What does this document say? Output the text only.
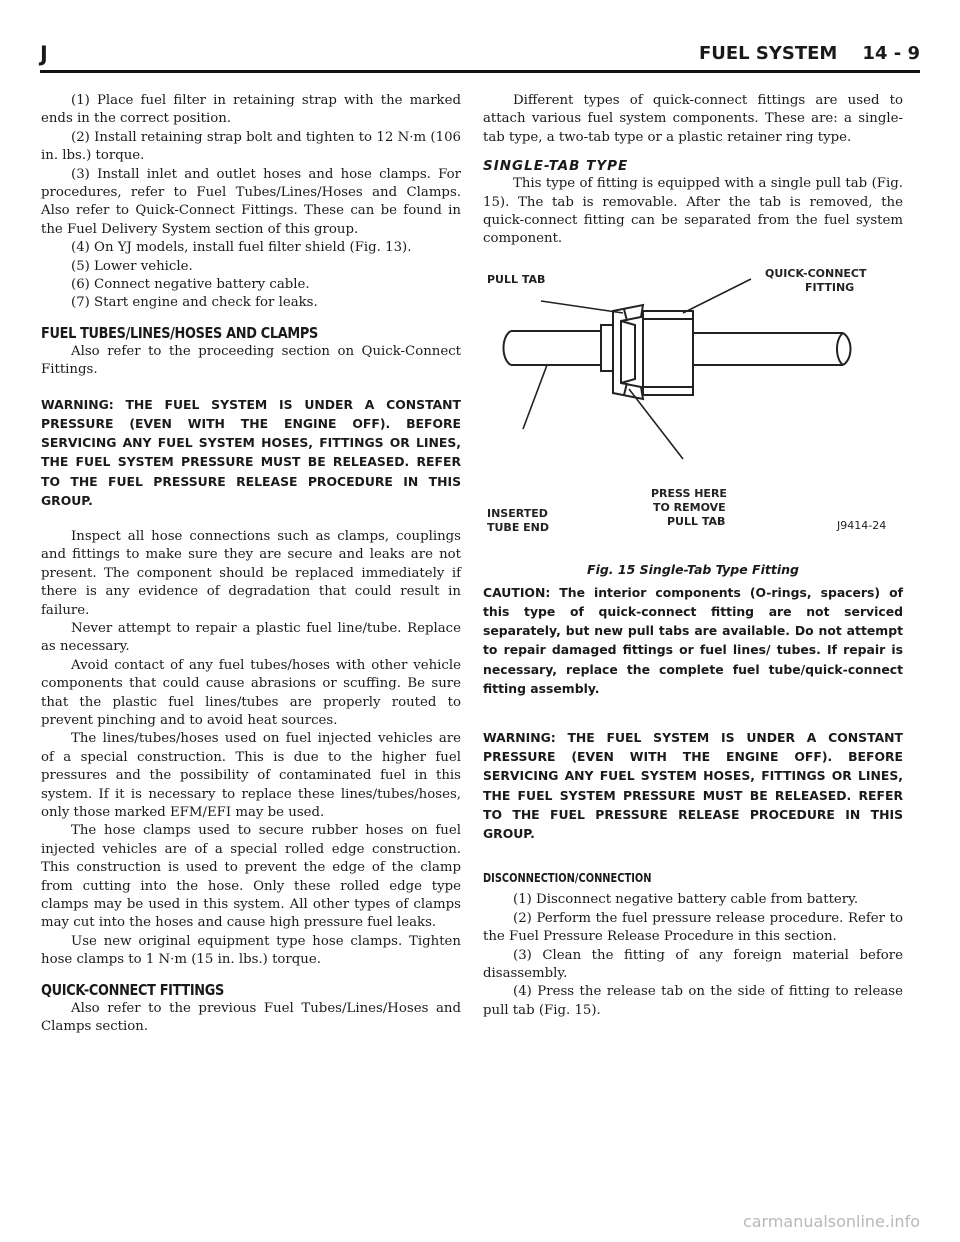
J	FUEL SYSTEM 14 - 9

(1) Place fuel filter in retaining strap with the marked ends in the correct position.

(2) Install retaining strap bolt and tighten to 12 N·m (106 in. lbs.) torque.

(3) Install inlet and outlet hoses and hose clamps. For procedures, refer to Fuel Tubes/Lines/Hoses and Clamps. Also refer to Quick-Connect Fittings. These can be found in the Fuel Delivery System section of this group.

(4) On YJ models, install fuel filter shield (Fig. 13).

(5) Lower vehicle.

(6) Connect negative battery cable.

(7) Start engine and check for leaks.

FUEL TUBES/LINES/HOSES AND CLAMPS

Also refer to the proceeding section on Quick-Connect Fittings.

WARNING: THE FUEL SYSTEM IS UNDER A CONSTANT PRESSURE (EVEN WITH THE ENGINE OFF). BEFORE SERVICING ANY FUEL SYSTEM HOSES, FITTINGS OR LINES, THE FUEL SYSTEM PRESSURE MUST BE RELEASED. REFER TO THE FUEL PRESSURE RELEASE PROCEDURE IN THIS GROUP.

Inspect all hose connections such as clamps, couplings and fittings to make sure they are secure and leaks are not present. The component should be replaced immediately if there is any evidence of degradation that could result in failure.

Never attempt to repair a plastic fuel line/tube. Replace as necessary.

Avoid contact of any fuel tubes/hoses with other vehicle components that could cause abrasions or scuffing. Be sure that the plastic fuel lines/tubes are properly routed to prevent pinching and to avoid heat sources.

The lines/tubes/hoses used on fuel injected vehicles are of a special construction. This is due to the higher fuel pressures and the possibility of contaminated fuel in this system. If it is necessary to replace these lines/tubes/hoses, only those marked EFM/EFI may be used.

The hose clamps used to secure rubber hoses on fuel injected vehicles are of a special rolled edge construction. This construction is used to prevent the edge of the clamp from cutting into the hose. Only these rolled edge type clamps may be used in this system. All other types of clamps may cut into the hoses and cause high pressure fuel leaks.

Use new original equipment type hose clamps. Tighten hose clamps to 1 N·m (15 in. lbs.) torque.

QUICK-CONNECT FITTINGS

Also refer to the previous Fuel Tubes/Lines/Hoses and Clamps section.

Different types of quick-connect fittings are used to attach various fuel system components. These are: a single-tab type, a two-tab type or a plastic retainer ring type.

SINGLE-TAB TYPE

This type of fitting is equipped with a single pull tab (Fig. 15). The tab is removable. After the tab is removed, the quick-connect fitting can be separated from the fuel system component.

PULL TAB	QUICK-CONNECT
FITTING
INSERTED
TUBE END
PRESS HERE
TO REMOVE
PULL TAB	J9414-24
Fig. 15 Single-Tab Type Fitting

CAUTION: The interior components (O-rings, spacers) of this type of quick-connect fitting are not serviced separately, but new pull tabs are available. Do not attempt to repair damaged fittings or fuel lines/ tubes. If repair is necessary, replace the complete fuel tube/quick-connect fitting assembly.

WARNING: THE FUEL SYSTEM IS UNDER A CONSTANT PRESSURE (EVEN WITH THE ENGINE OFF). BEFORE SERVICING ANY FUEL SYSTEM HOSES, FITTINGS OR LINES, THE FUEL SYSTEM PRESSURE MUST BE RELEASED. REFER TO THE FUEL PRESSURE RELEASE PROCEDURE IN THIS GROUP.

DISCONNECTION/CONNECTION

(1) Disconnect negative battery cable from battery.

(2) Perform the fuel pressure release procedure. Refer to the Fuel Pressure Release Procedure in this section.

(3) Clean the fitting of any foreign material before disassembly.

(4) Press the release tab on the side of fitting to release pull tab (Fig. 15).

carmanualsonline.info
